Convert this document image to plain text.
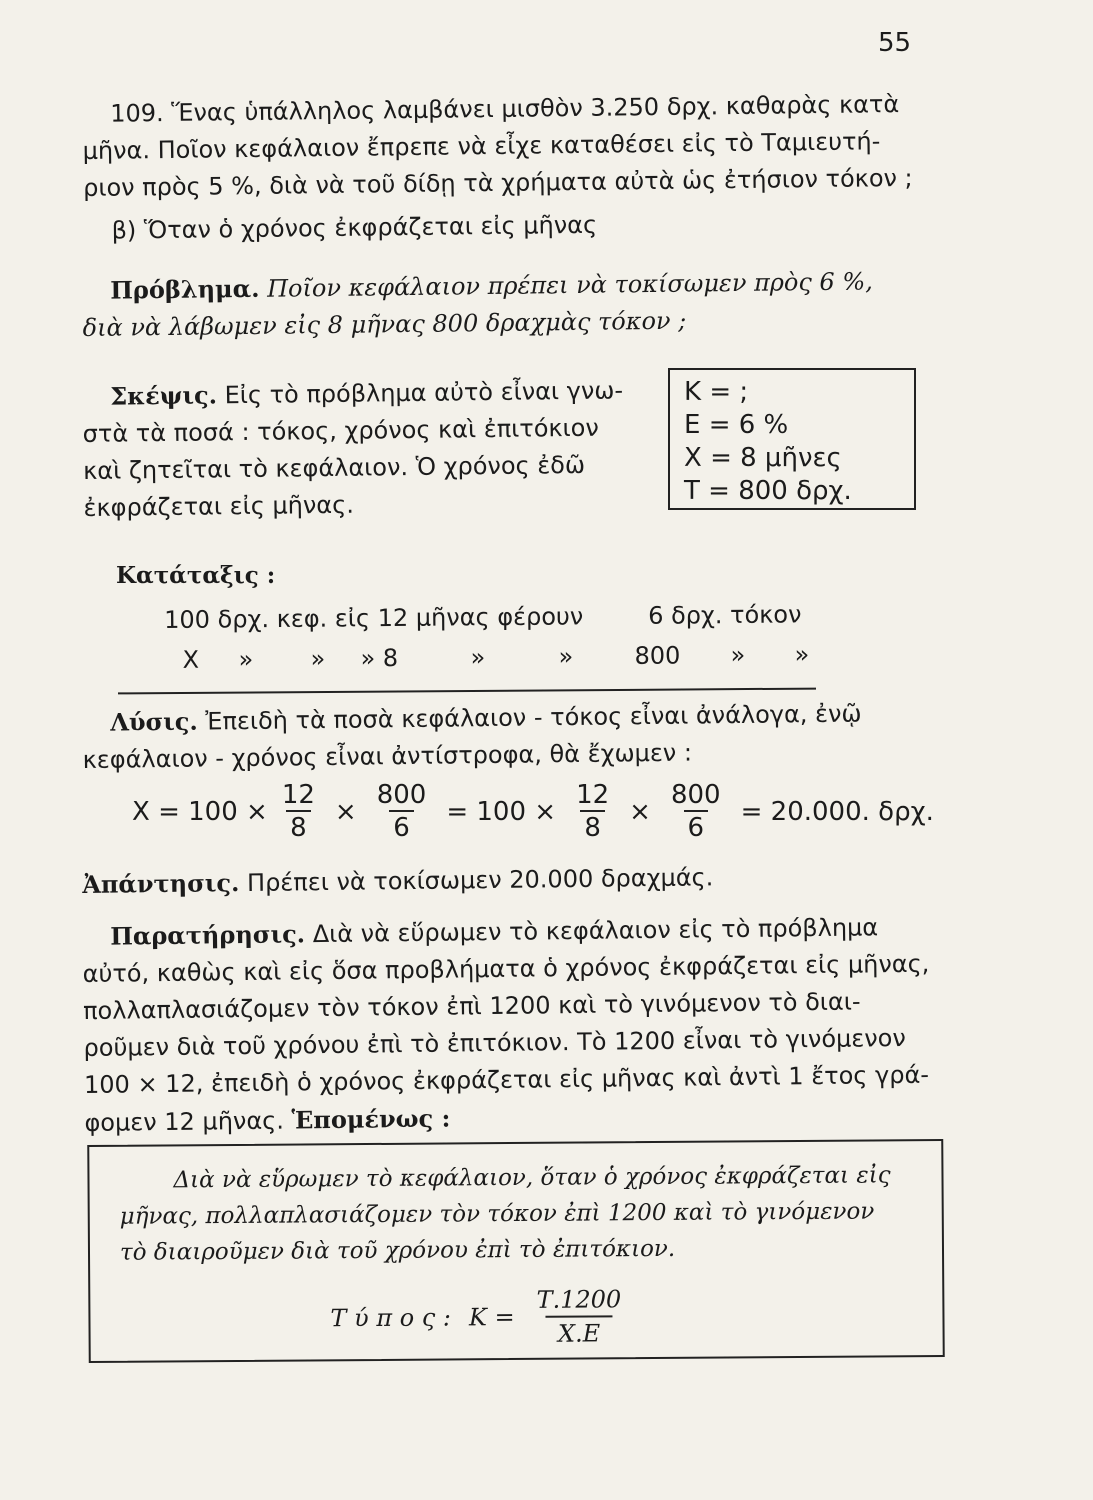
55
109. Ἕνας ὑπάλληλος λαμβάνει μισθὸν 3.250 δρχ. καθαρὰς κατὰ
μῆνα. Ποῖον κεφάλαιον ἔπρεπε νὰ εἶχε καταθέσει εἰς τὸ Ταμιευτή-
ριον πρὸς 5 %, διὰ νὰ τοῦ δίδῃ τὰ χρήματα αὐτὰ ὡς ἐτήσιον τόκον ;
β) Ὅταν ὁ χρόνος ἐκφράζεται εἰς μῆνας
Πρόβλημα. Ποῖον κεφάλαιον πρέπει νὰ τοκίσωμεν πρὸς 6 %,
διὰ νὰ λάβωμεν εἰς 8 μῆνας 800 δραχμὰς τόκον ;
Σκέψις. Εἰς τὸ πρόβλημα αὐτὸ εἶναι γνω-
στὰ τὰ ποσά : τόκος, χρόνος καὶ ἐπιτόκιον
καὶ ζητεῖται τὸ κεφάλαιον. Ὁ χρόνος ἐδῶ
ἐκφράζεται εἰς μῆνας.
Κ = ;
Ε = 6 %
Χ = 8 μῆνες
Τ = 800 δρχ.
Κατάταξις :
100 δρχ. κεφ. εἰς 12 μῆνας φέρουν	6 δρχ. τόκον
Χ » » » 8	»	»	800 » »
Λύσις. Ἐπειδὴ τὰ ποσὰ κεφάλαιον - τόκος εἶναι ἀνάλογα, ἐνῷ
κεφάλαιον - χρόνος εἶναι ἀντίστροφα, θὰ ἔχωμεν :
$X = 100 \times \frac{12}{8} \times \frac{800}{6} = 100 \times \frac{12}{8} \times \frac{800}{6} = 20.000$. δρχ.
Ἀπάντησις. Πρέπει νὰ τοκίσωμεν 20.000 δραχμάς.
Παρατήρησις. Διὰ νὰ εὕρωμεν τὸ κεφάλαιον εἰς τὸ πρόβλημα
αὐτό, καθὼς καὶ εἰς ὅσα προβλήματα ὁ χρόνος ἐκφράζεται εἰς μῆνας,
πολλαπλασιάζομεν τὸν τόκον ἐπὶ 1200 καὶ τὸ γινόμενον τὸ διαι-
ροῦμεν διὰ τοῦ χρόνου ἐπὶ τὸ ἐπιτόκιον. Τὸ 1200 εἶναι τὸ γινόμενον
100 × 12, ἐπειδὴ ὁ χρόνος ἐκφράζεται εἰς μῆνας καὶ ἀντὶ 1 ἔτος γρά-
φομεν 12 μῆνας. Ἑπομένως :
Διὰ νὰ εὕρωμεν τὸ κεφάλαιον, ὅταν ὁ χρόνος ἐκφράζεται εἰς
μῆνας, πολλαπλασιάζομεν τὸν τόκον ἐπὶ 1200 καὶ τὸ γινόμενον
τὸ διαιροῦμεν διὰ τοῦ χρόνου ἐπὶ τὸ ἐπιτόκιον.
Τ ύ π ο ς : $K = \frac{T.1200}{X.E}$
